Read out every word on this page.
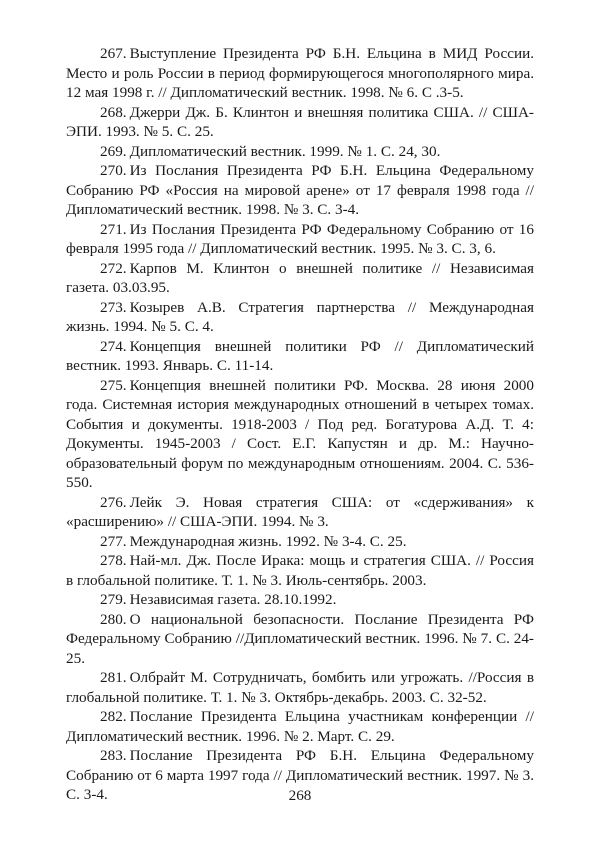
267. Выступление Президента РФ Б.Н. Ельцина в МИД России. Место и роль России в период формирующегося многополярного мира. 12 мая 1998 г. // Дипломатический вестник. 1998. № 6. С .3-5.
268. Джерри Дж. Б. Клинтон и внешняя политика США. // США-ЭПИ. 1993. № 5. С. 25.
269. Дипломатический вестник. 1999. № 1. С. 24, 30.
270. Из Послания Президента РФ Б.Н. Ельцина Федеральному Собранию РФ «Россия на мировой арене» от 17 февраля 1998 года // Дипломатический вестник. 1998. № 3. С. 3-4.
271. Из Послания Президента РФ Федеральному Собранию от 16 февраля 1995 года // Дипломатический вестник. 1995. № 3. С. 3, 6.
272. Карпов М. Клинтон о внешней политике // Независимая газета. 03.03.95.
273. Козырев А.В. Стратегия партнерства // Международная жизнь. 1994. № 5. С. 4.
274. Концепция внешней политики РФ // Дипломатический вестник. 1993. Январь. С. 11-14.
275. Концепция внешней политики РФ. Москва. 28 июня 2000 года. Системная история международных отношений в четырех томах. События и документы. 1918-2003 / Под ред. Богатурова А.Д. Т. 4: Документы. 1945-2003 / Сост. Е.Г. Капустян и др. М.: Научно-образовательный форум по международным отношениям. 2004. С. 536-550.
276. Лейк Э. Новая стратегия США: от «сдерживания» к «расширению» // США-ЭПИ. 1994. № 3.
277. Международная жизнь. 1992. № 3-4. С. 25.
278. Най-мл. Дж. После Ирака: мощь и стратегия США. // Россия в глобальной политике. Т. 1. № 3. Июль-сентябрь. 2003.
279. Независимая газета. 28.10.1992.
280. О национальной безопасности. Послание Президента РФ Федеральному Собранию //Дипломатический вестник. 1996. № 7. С. 24-25.
281. Олбрайт М. Сотрудничать, бомбить или угрожать. //Россия в глобальной политике. Т. 1. № 3. Октябрь-декабрь. 2003. С. 32-52.
282. Послание Президента Ельцина участникам конференции //Дипломатический вестник. 1996. № 2. Март. С. 29.
283. Послание Президента РФ Б.Н. Ельцина Федеральному Собранию от 6 марта 1997 года // Дипломатический вестник. 1997. № 3. С. 3-4.	268
